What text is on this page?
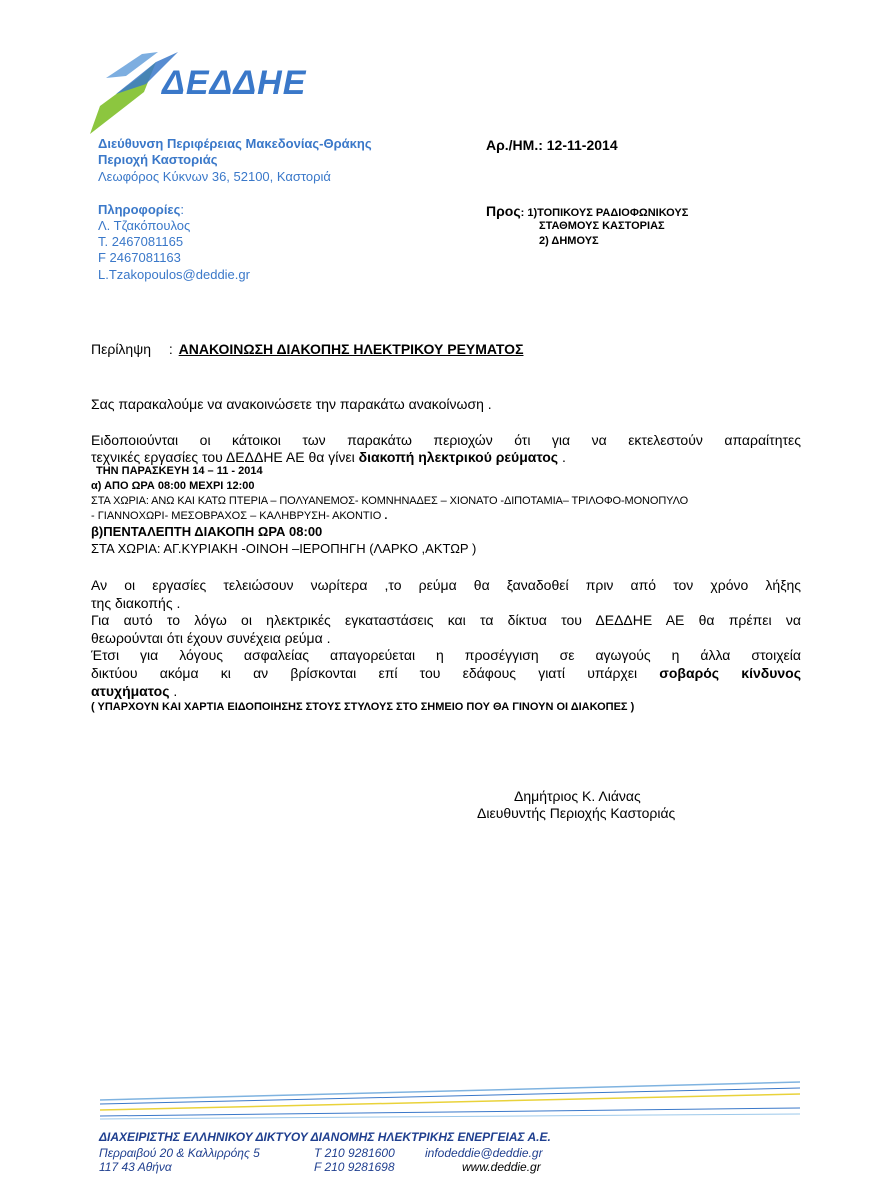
ΔΕΔΔΗΕ
Διεύθυνση Περιφέρειας Μακεδονίας-Θράκης
Περιοχή Καστοριάς
Λεωφόρος Κύκνων 36, 52100, Καστοριά
Αρ./ΗΜ.: 12-11-2014
Πληροφορίες:
Λ. Τζακόπουλος
Τ. 2467081165
F 2467081163
L.Tzakopoulos@deddie.gr
Προς: 1)ΤΟΠΙΚΟΥΣ ΡΑΔΙΟΦΩΝΙΚΟΥΣ
ΣΤΑΘΜΟΥΣ ΚΑΣΤΟΡΙΑΣ
2) ΔΗΜΟΥΣ
Περίληψη : ΑΝΑΚΟΙΝΩΣΗ ΔΙΑΚΟΠΗΣ ΗΛΕΚΤΡΙΚΟΥ ΡΕΥΜΑΤΟΣ
Σας παρακαλούμε να ανακοινώσετε την παρακάτω ανακοίνωση .
Ειδοποιούνται οι κάτοικοι των παρακάτω περιοχών ότι για να εκτελεστούν απαραίτητες
τεχνικές εργασίες του ΔΕΔΔΗΕ ΑΕ θα γίνει διακοπή ηλεκτρικού ρεύματος .
ΤΗΝ ΠΑΡΑΣΚΕΥΗ 14 – 11 - 2014
α) ΑΠΟ ΩΡΑ 08:00 ΜΕΧΡΙ 12:00
ΣΤΑ ΧΩΡΙΑ: ΑΝΩ ΚΑΙ ΚΑΤΩ ΠΤΕΡΙΑ – ΠΟΛΥΑΝΕΜΟΣ- ΚΟΜΝΗΝΑΔΕΣ – ΧΙΟΝΑΤΟ -ΔΙΠΟΤΑΜΙΑ– ΤΡΙΛΟΦΟ-ΜΟΝΟΠΥΛΟ
- ΓΙΑΝΝΟΧΩΡΙ- ΜΕΣΟΒΡΑΧΟΣ – ΚΑΛΗΒΡΥΣΗ- ΑΚΟΝΤΙΟ .
β)ΠΕΝΤΑΛΕΠΤΗ ΔΙΑΚΟΠΗ ΩΡΑ 08:00
ΣΤΑ ΧΩΡΙΑ: ΑΓ.ΚΥΡΙΑΚΗ -ΟΙΝΟΗ –ΙΕΡΟΠΗΓΗ (ΛΑΡΚΟ ,ΑΚΤΩΡ )
Αν οι εργασίες τελειώσουν νωρίτερα ,το ρεύμα θα ξαναδοθεί πριν από τον χρόνο λήξης
της διακοπής .
Για αυτό το λόγω οι ηλεκτρικές εγκαταστάσεις και τα δίκτυα του ΔΕΔΔΗΕ ΑΕ θα πρέπει να
θεωρούνται ότι έχουν συνέχεια ρεύμα .
Έτσι για λόγους ασφαλείας απαγορεύεται η προσέγγιση σε αγωγούς η άλλα στοιχεία
δικτύου ακόμα κι αν βρίσκονται επί του εδάφους γιατί υπάρχει σοβαρός κίνδυνος
ατυχήματος .
( ΥΠΑΡΧΟΥΝ ΚΑΙ ΧΑΡΤΙΑ ΕΙΔΟΠΟΙΗΣΗΣ ΣΤΟΥΣ ΣΤΥΛΟΥΣ ΣΤΟ ΣΗΜΕΙΟ ΠΟΥ ΘΑ ΓΙΝΟΥΝ ΟΙ ΔΙΑΚΟΠΕΣ )
Δημήτριος Κ. Λιάνας
Διευθυντής Περιοχής Καστοριάς
ΔΙΑΧΕΙΡΙΣΤΗΣ ΕΛΛΗΝΙΚΟΥ ΔΙΚΤΥΟΥ ΔΙΑΝΟΜΗΣ ΗΛΕΚΤΡΙΚΗΣ ΕΝΕΡΓΕΙΑΣ Α.Ε.
Περραιβού 20 & Καλλιρρόης 5
117 43 Αθήνα
T 210 9281600
F 210 9281698
infodeddie@deddie.gr
www.deddie.gr
